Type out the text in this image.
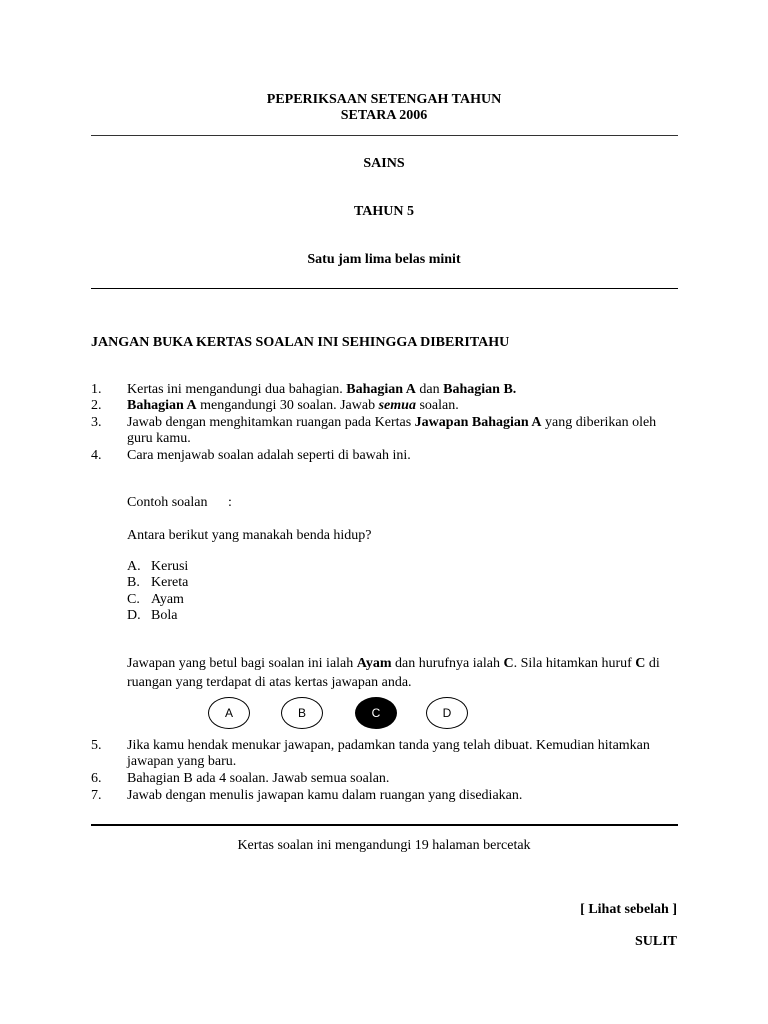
PEPERIKSAAN SETENGAH TAHUN
SETARA 2006
SAINS
TAHUN 5
Satu jam lima belas minit
JANGAN BUKA KERTAS SOALAN INI SEHINGGA DIBERITAHU
1. Kertas ini mengandungi dua bahagian. Bahagian A dan Bahagian B.
2. Bahagian A mengandungi 30 soalan. Jawab semua soalan.
3. Jawab dengan menghitamkan ruangan pada Kertas Jawapan Bahagian A yang diberikan oleh
guru kamu.
4. Cara menjawab soalan adalah seperti di bawah ini.
Contoh soalan :
Antara berikut yang manakah benda hidup?
A. Kerusi
B. Kereta
C. Ayam
D. Bola
Jawapan yang betul bagi soalan ini ialah Ayam dan hurufnya ialah C. Sila hitamkan huruf C di
ruangan yang terdapat di atas kertas jawapan anda.
A	B	C	D
5. Jika kamu hendak menukar jawapan, padamkan tanda yang telah dibuat. Kemudian hitamkan
jawapan yang baru.
6. Bahagian B ada 4 soalan. Jawab semua soalan.
7. Jawab dengan menulis jawapan kamu dalam ruangan yang disediakan.
Kertas soalan ini mengandungi 19 halaman bercetak
[ Lihat sebelah ]
SULIT
